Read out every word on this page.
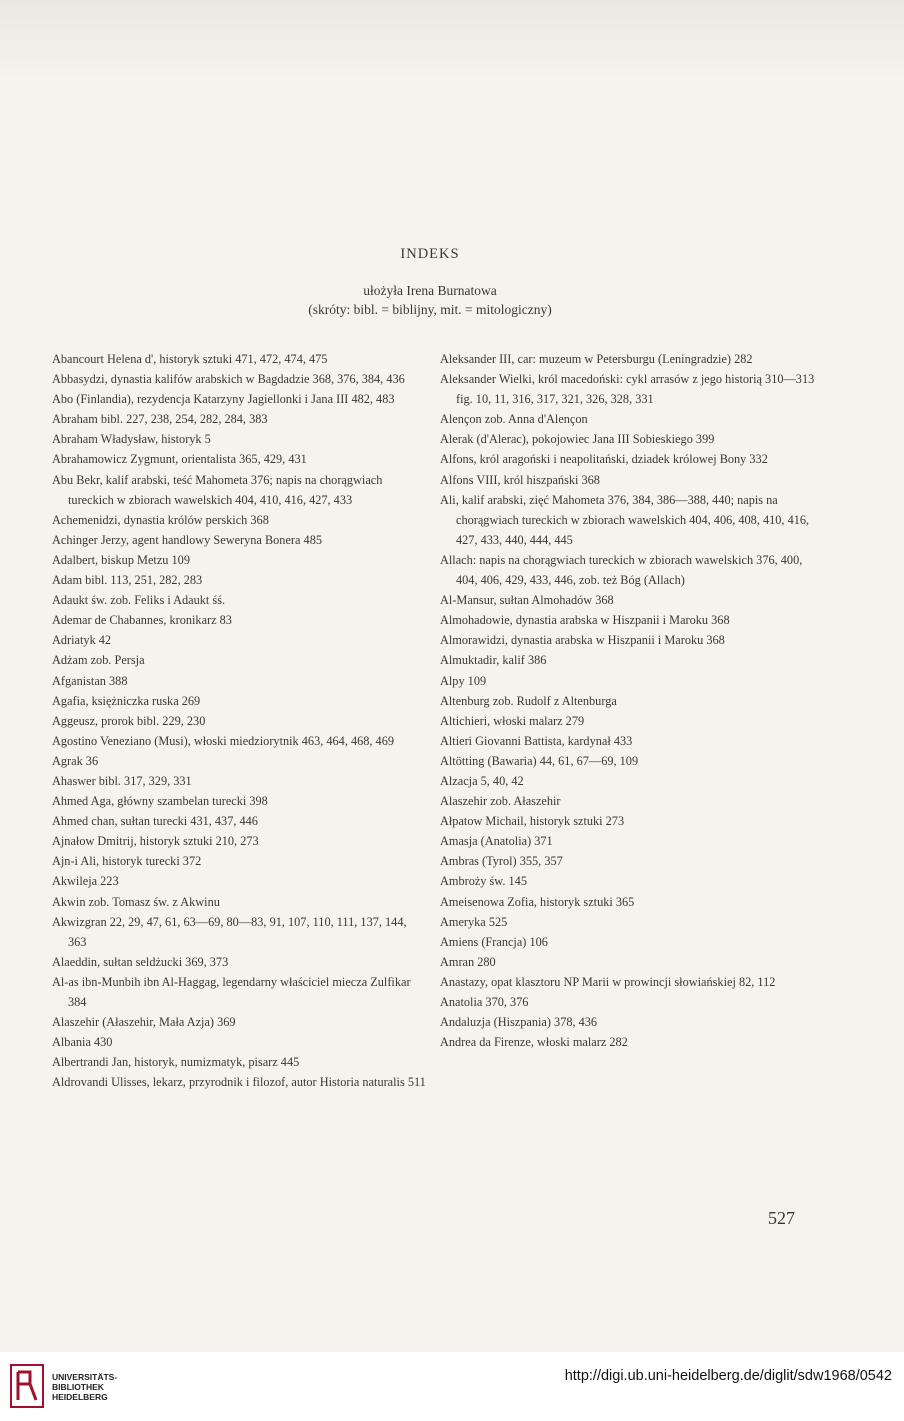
INDEKS
ułożyła Irena Burnatowa
(skróty: bibl. = biblijny, mit. = mitologiczny)

Abancourt Helena d', historyk sztuki 471, 472, 474, 475

Abbasydzi, dynastia kalifów arabskich w Bagdadzie 368, 376, 384, 436

Abo (Finlandia), rezydencja Katarzyny Jagiellonki i Jana III 482, 483

Abraham bibl. 227, 238, 254, 282, 284, 383

Abraham Władysław, historyk 5

Abrahamowicz Zygmunt, orientalista 365, 429, 431

Abu Bekr, kalif arabski, teść Mahometa 376; napis na chorągwiach tureckich w zbiorach wawelskich 404, 410, 416, 427, 433

Achemenidzi, dynastia królów perskich 368

Achinger Jerzy, agent handlowy Seweryna Bonera 485

Adalbert, biskup Metzu 109

Adam bibl. 113, 251, 282, 283

Adaukt św. zob. Feliks i Adaukt śś.

Ademar de Chabannes, kronikarz 83

Adriatyk 42

Adżam zob. Persja

Afganistan 388

Agafia, księżniczka ruska 269

Aggeusz, prorok bibl. 229, 230

Agostino Veneziano (Musi), włoski miedziorytnik 463, 464, 468, 469

Agrak 36

Ahaswer bibl. 317, 329, 331

Ahmed Aga, główny szambelan turecki 398

Ahmed chan, sułtan turecki 431, 437, 446

Ajnałow Dmitrij, historyk sztuki 210, 273

Ajn-i Ali, historyk turecki 372

Akwileja 223

Akwin zob. Tomasz św. z Akwinu

Akwizgran 22, 29, 47, 61, 63—69, 80—83, 91, 107, 110, 111, 137, 144, 363

Alaeddin, sułtan seldżucki 369, 373

Al-as ibn-Munbih ibn Al-Haggag, legendarny właściciel miecza Zulfikar 384

Alaszehir (Ałaszehir, Mała Azja) 369

Albania 430

Albertrandi Jan, historyk, numizmatyk, pisarz 445

Aldrovandi Ulisses, lekarz, przyrodnik i filozof, autor Historia naturalis 511

Aleksander III, car: muzeum w Petersburgu (Leningradzie) 282

Aleksander Wielki, król macedoński: cykl arrasów z jego historią 310—313 fig. 10, 11, 316, 317, 321, 326, 328, 331

Alençon zob. Anna d'Alençon

Alerak (d'Alerac), pokojowiec Jana III Sobieskiego 399

Alfons, król aragoński i neapolitański, dziadek królowej Bony 332

Alfons VIII, król hiszpański 368

Ali, kalif arabski, zięć Mahometa 376, 384, 386—388, 440; napis na chorągwiach tureckich w zbiorach wawelskich 404, 406, 408, 410, 416, 427, 433, 440, 444, 445

Allach: napis na chorągwiach tureckich w zbiorach wawelskich 376, 400, 404, 406, 429, 433, 446, zob. też Bóg (Allach)

Al-Mansur, sułtan Almohadów 368

Almohadowie, dynastia arabska w Hiszpanii i Maroku 368

Almorawidzi, dynastia arabska w Hiszpanii i Maroku 368

Almuktadir, kalif 386

Alpy 109

Altenburg zob. Rudolf z Altenburga

Altichieri, włoski malarz 279

Altieri Giovanni Battista, kardynał 433

Altötting (Bawaria) 44, 61, 67—69, 109

Alzacja 5, 40, 42

Alaszehir zob. Ałaszehir

Ałpatow Michail, historyk sztuki 273

Amasja (Anatolia) 371

Ambras (Tyrol) 355, 357

Ambroży św. 145

Ameisenowa Zofia, historyk sztuki 365

Ameryka 525

Amiens (Francja) 106

Amran 280

Anastazy, opat klasztoru NP Marii w prowincji słowiańskiej 82, 112

Anatolia 370, 376

Andaluzja (Hiszpania) 378, 436

Andrea da Firenze, włoski malarz 282

527
UNIVERSITÄTS-
BIBLIOTHEK
HEIDELBERG
http://digi.ub.uni-heidelberg.de/diglit/sdw1968/0542
